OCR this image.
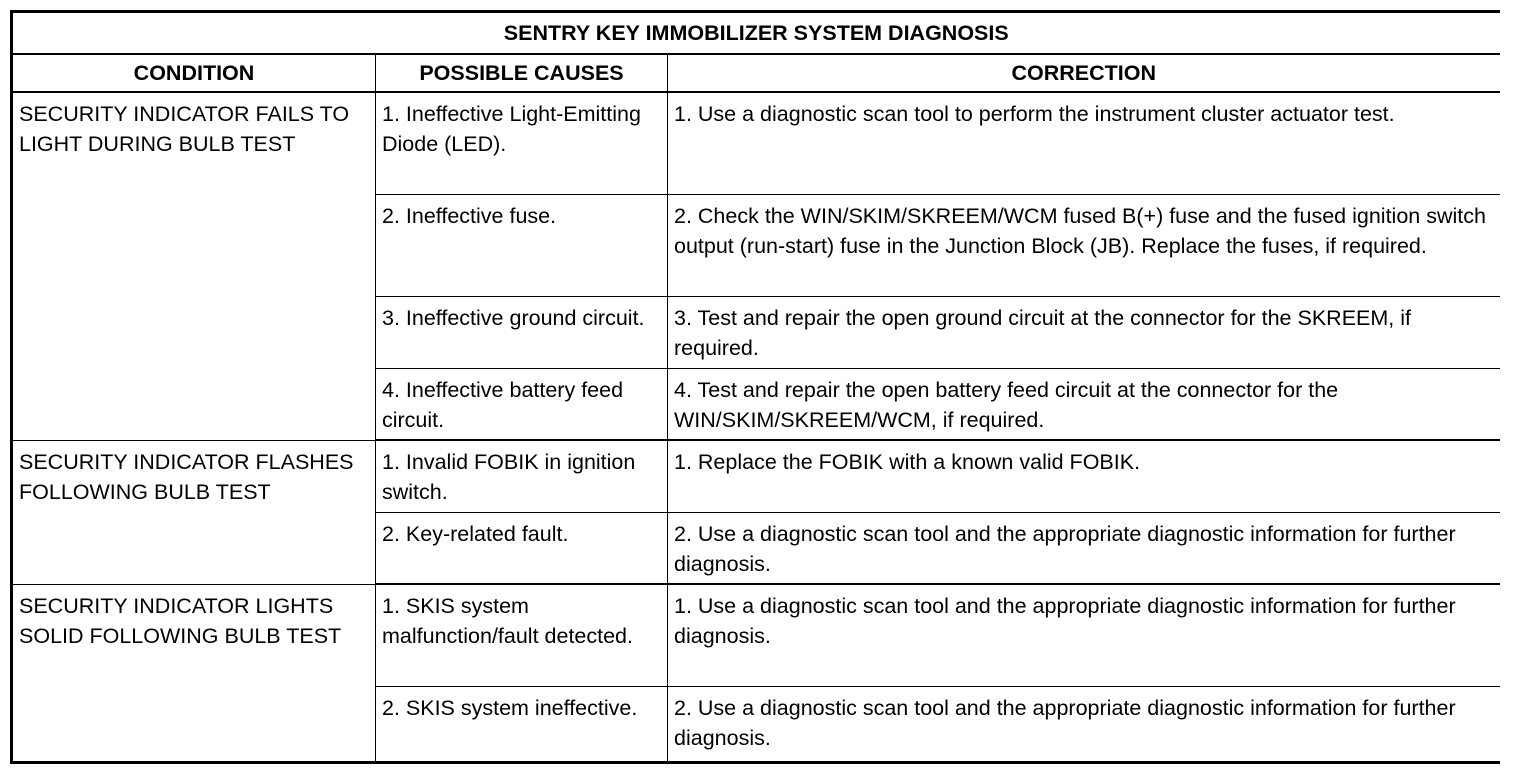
SENTRY KEY IMMOBILIZER SYSTEM DIAGNOSIS		
CONDITION	POSSIBLE CAUSES	CORRECTION
SECURITY INDICATOR FAILS TO LIGHT DURING BULB TEST	1. Ineffective Light-Emitting Diode (LED).	1. Use a diagnostic scan tool to perform the instrument cluster actuator test.
	2. Ineffective fuse.	2. Check the WIN/SKIM/SKREEM/WCM fused B(+) fuse and the fused ignition switch output (run-start) fuse in the Junction Block (JB). Replace the fuses, if required.
	3. Ineffective ground circuit.	3. Test and repair the open ground circuit at the connector for the SKREEM, if required.
	4. Ineffective battery feed circuit.	4. Test and repair the open battery feed circuit at the connector for the WIN/SKIM/SKREEM/WCM, if required.
SECURITY INDICATOR FLASHES FOLLOWING BULB TEST	1. Invalid FOBIK in ignition switch.	1. Replace the FOBIK with a known valid FOBIK.
	2. Key-related fault.	2. Use a diagnostic scan tool and the appropriate diagnostic information for further diagnosis.
SECURITY INDICATOR LIGHTS SOLID FOLLOWING BULB TEST	1. SKIS system malfunction/fault detected.	1. Use a diagnostic scan tool and the appropriate diagnostic information for further diagnosis.
	2. SKIS system ineffective.	2. Use a diagnostic scan tool and the appropriate diagnostic information for further diagnosis.
